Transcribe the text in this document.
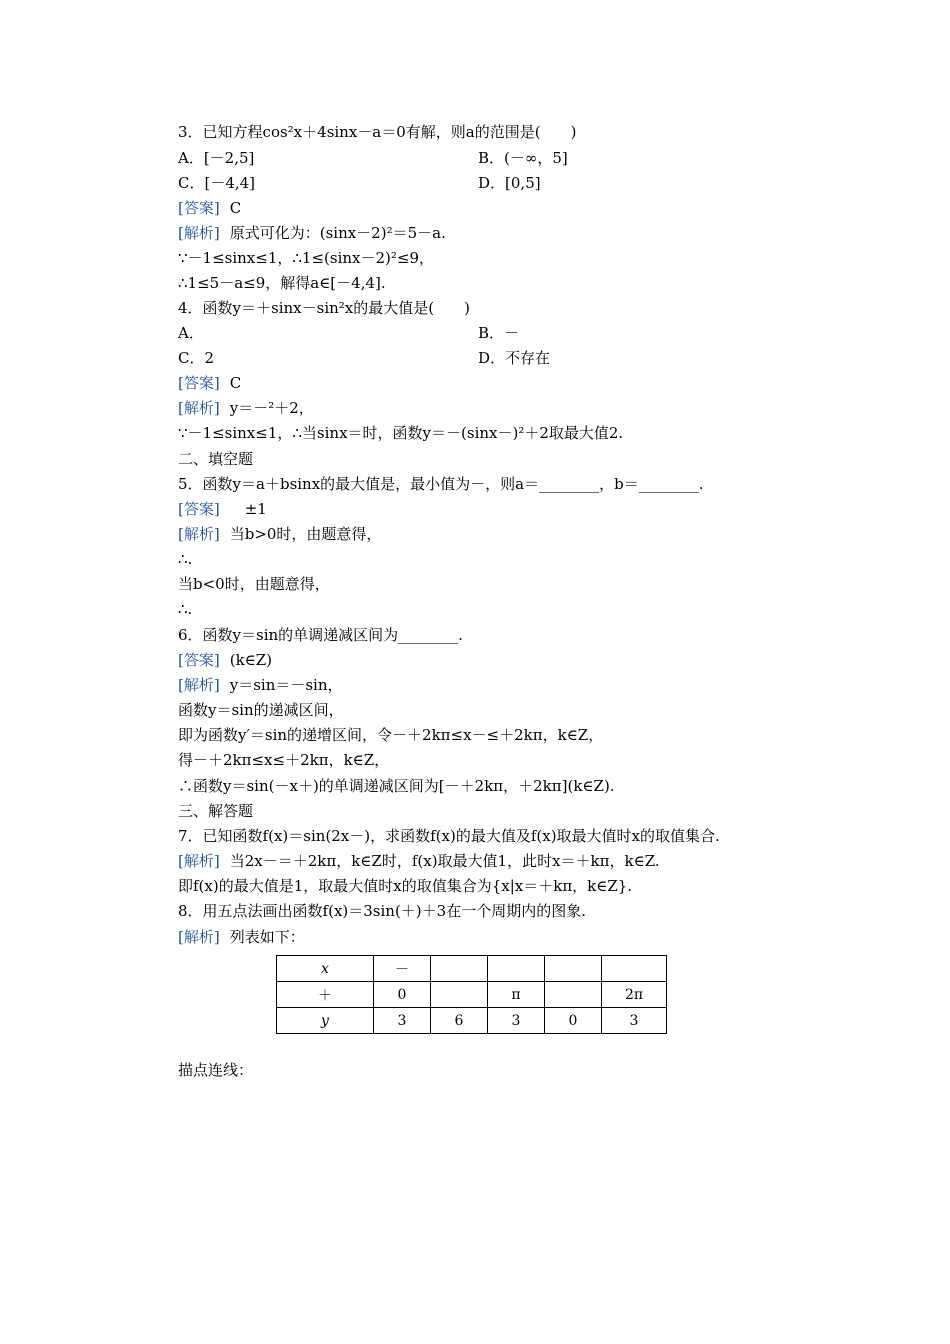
3．已知方程cos²x＋4sinx－a＝0有解，则a的范围是(　　)
A．[－2,5]	B．(－∞，5]
C．[－4,4]	D．[0,5]
[答案] C
[解析] 原式可化为：(sinx－2)²＝5－a.
∵－1≤sinx≤1，∴1≤(sinx－2)²≤9，
∴1≤5－a≤9，解得a∈[－4,4].
4．函数y＝＋sinx－sin²x的最大值是(　　)
A．	B．－
C．2	D．不存在
[答案] C
[解析] y＝－²＋2，
∵－1≤sinx≤1，∴当sinx＝时，函数y＝－(sinx－)²＋2取最大值2.
二、填空题
5．函数y＝a＋bsinx的最大值是，最小值为－，则a＝________，b＝________.
[答案]　±1
[解析] 当b>0时，由题意得，
∴.
当b<0时，由题意得，
∴.
6．函数y＝sin的单调递减区间为________.
[答案] (k∈Z)
[解析] y＝sin＝－sin，
函数y＝sin的递减区间，
即为函数y′＝sin的递增区间，令－＋2kπ≤x－≤＋2kπ，k∈Z，
得－＋2kπ≤x≤＋2kπ，k∈Z，
∴函数y＝sin(－x＋)的单调递减区间为[－＋2kπ，＋2kπ](k∈Z).
三、解答题
7．已知函数f(x)＝sin(2x－)，求函数f(x)的最大值及f(x)取最大值时x的取值集合.
[解析] 当2x－＝＋2kπ，k∈Z时，f(x)取最大值1，此时x＝＋kπ，k∈Z.
即f(x)的最大值是1，取最大值时x的取值集合为{x|x＝＋kπ，k∈Z}.
8．用五点法画出函数f(x)＝3sin(＋)＋3在一个周期内的图象.
[解析] 列表如下：
描点连线：
x	－				
＋	0		π		2π
y	3	6	3	0	3
